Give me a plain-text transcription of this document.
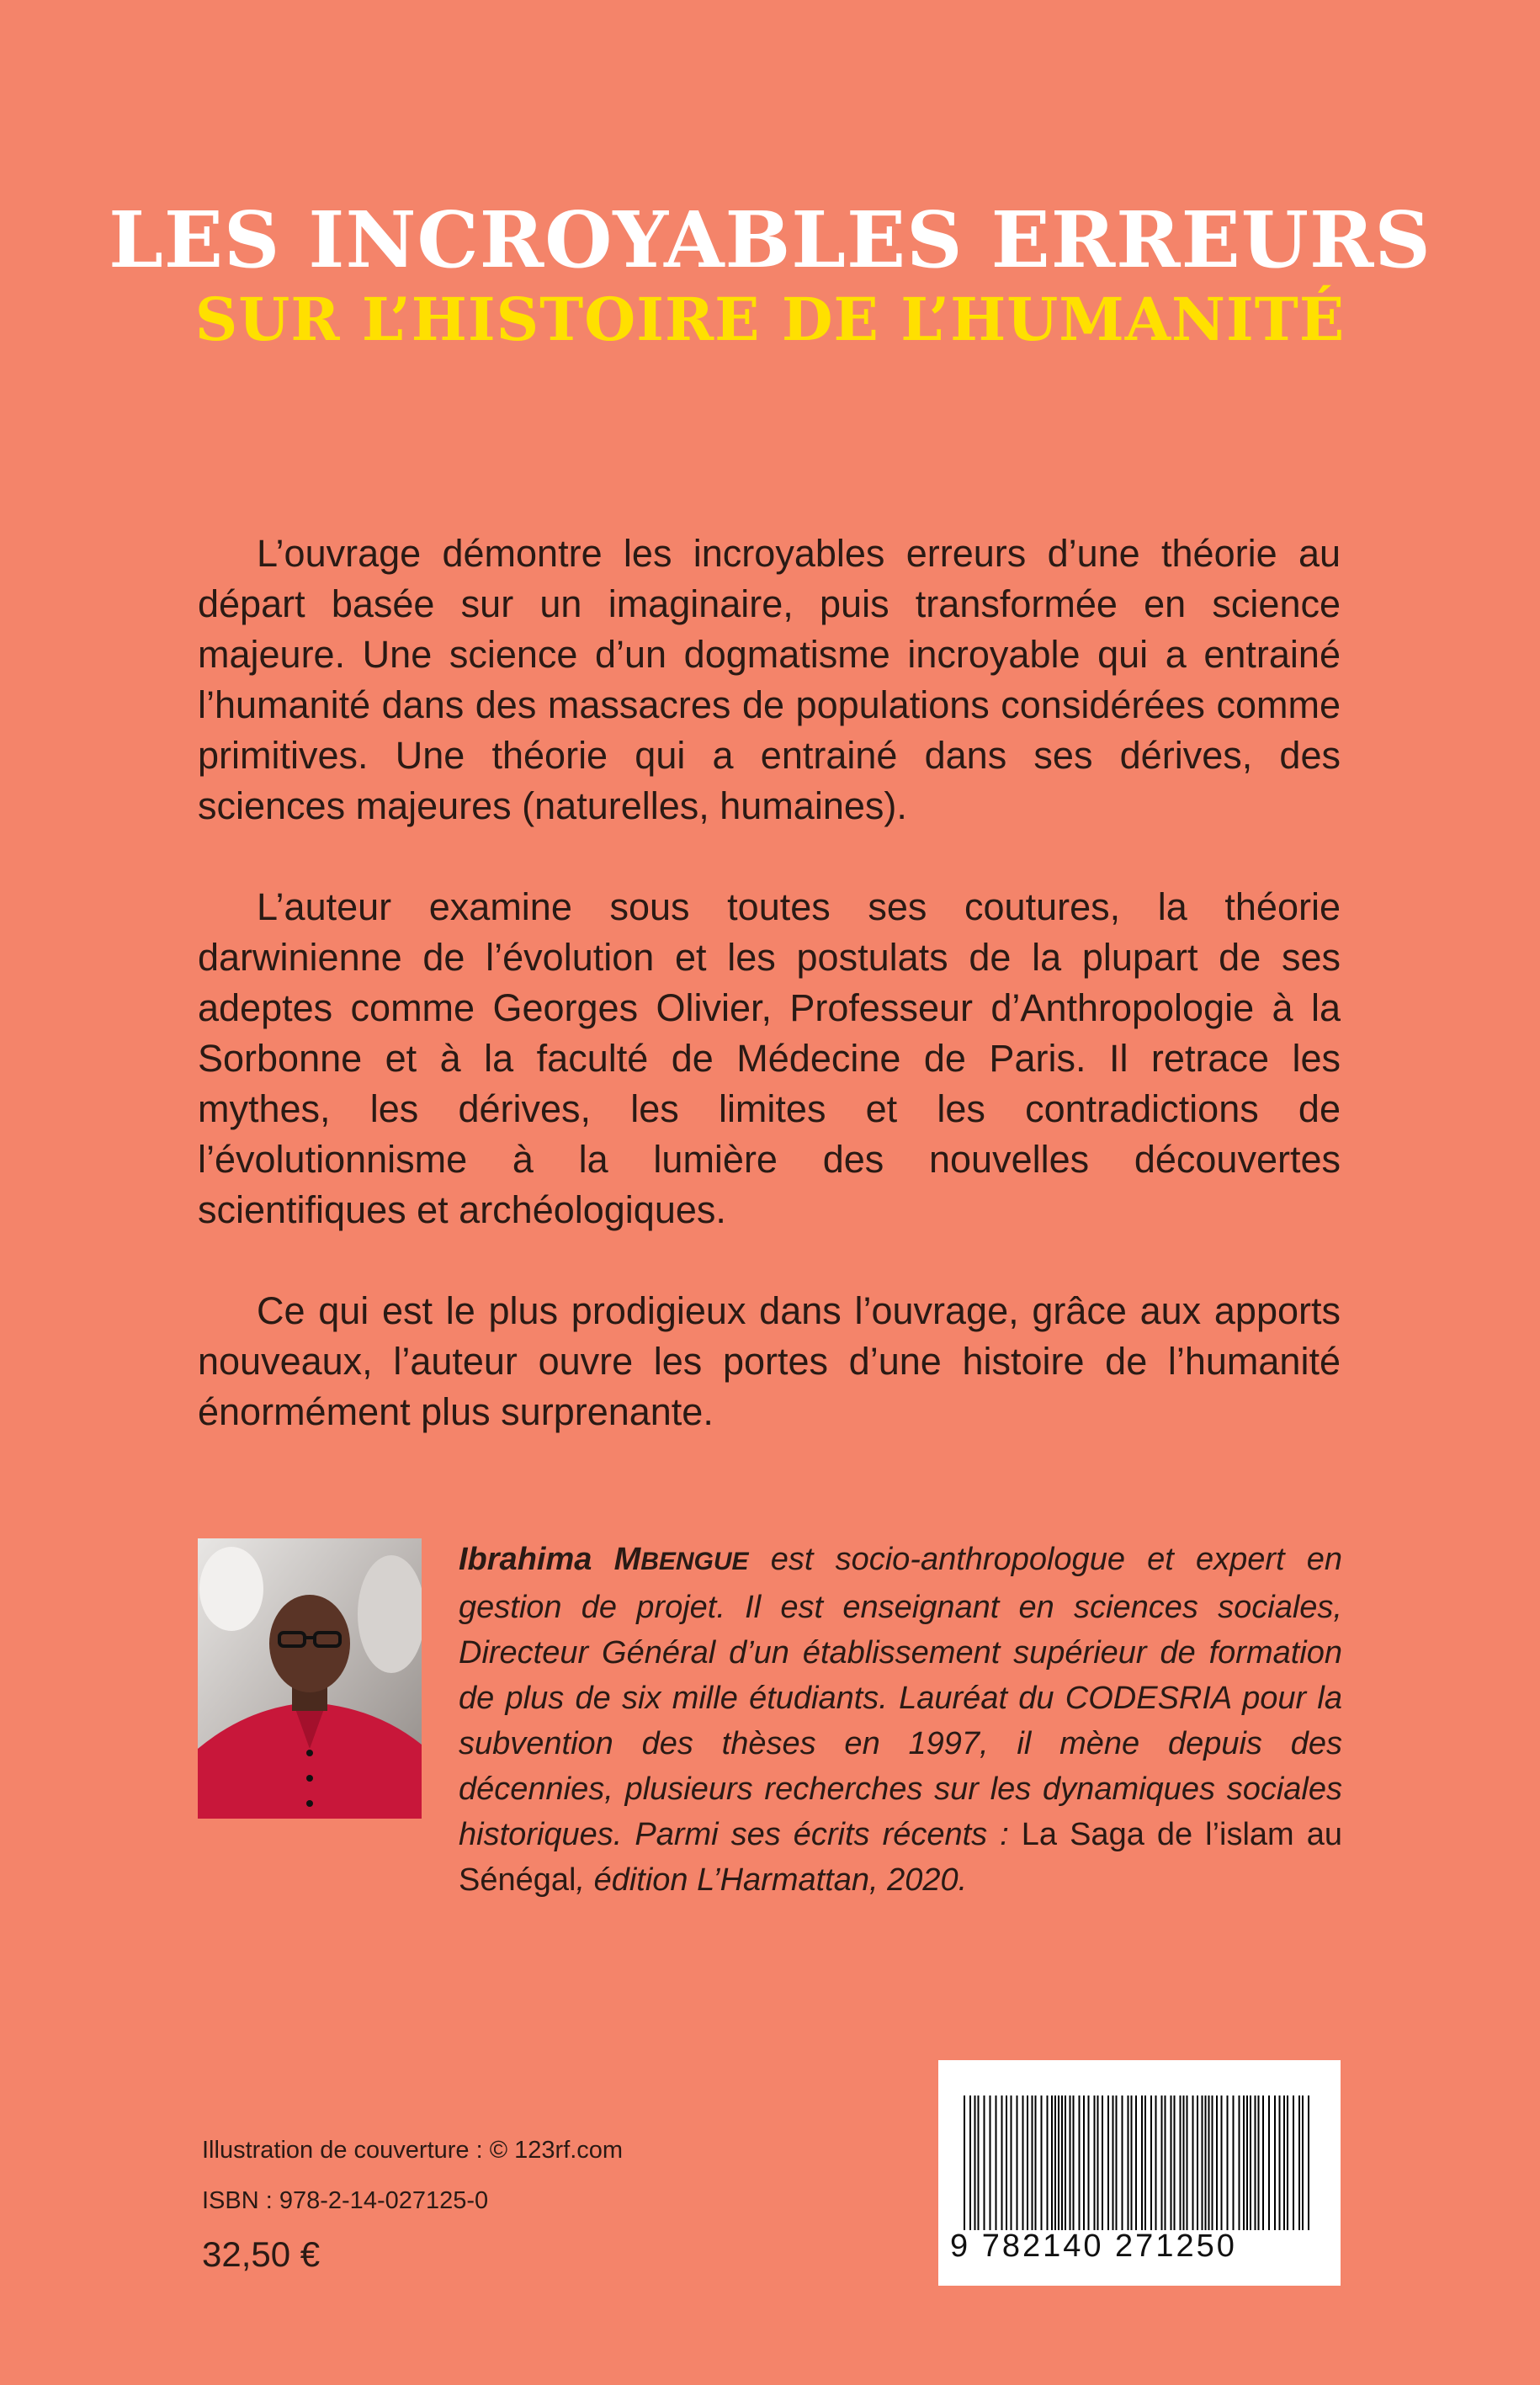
LES INCROYABLES ERREURS
SUR L’HISTOIRE DE L’HUMANITÉ

L’ouvrage démontre les incroyables erreurs d’une théorie au départ basée sur un imaginaire, puis transformée en science majeure. Une science d’un dogmatisme incroyable qui a entrainé l’humanité dans des massacres de populations considérées comme primitives. Une théorie qui a entrainé dans ses dérives, des sciences majeures (naturelles, humaines).

L’auteur examine sous toutes ses coutures, la théorie darwinienne de l’évolution et les postulats de la plupart de ses adeptes comme Georges Olivier, Professeur d’Anthropologie à la Sorbonne et à la faculté de Médecine de Paris. Il retrace les mythes, les dérives, les limites et les contradictions de l’évolutionnisme à la lumière des nouvelles découvertes scientifiques et archéologiques.

Ce qui est le plus prodigieux dans l’ouvrage, grâce aux apports nouveaux, l’auteur ouvre les portes d’une histoire de l’humanité énormément plus surprenante.

Ibrahima MBENGUE est socio-anthropologue et expert en gestion de projet. Il est enseignant en sciences sociales, Directeur Général d’un établissement supérieur de formation de plus de six mille étudiants. Lauréat du CODESRIA pour la subvention des thèses en 1997, il mène depuis des décennies, plusieurs recherches sur les dynamiques sociales historiques. Parmi ses écrits récents : La Saga de l’islam au Sénégal, édition L’Harmattan, 2020.
Illustration de couverture : © 123rf.com
ISBN : 978-2-14-027125-0
32,50 €	9 782140 271250
